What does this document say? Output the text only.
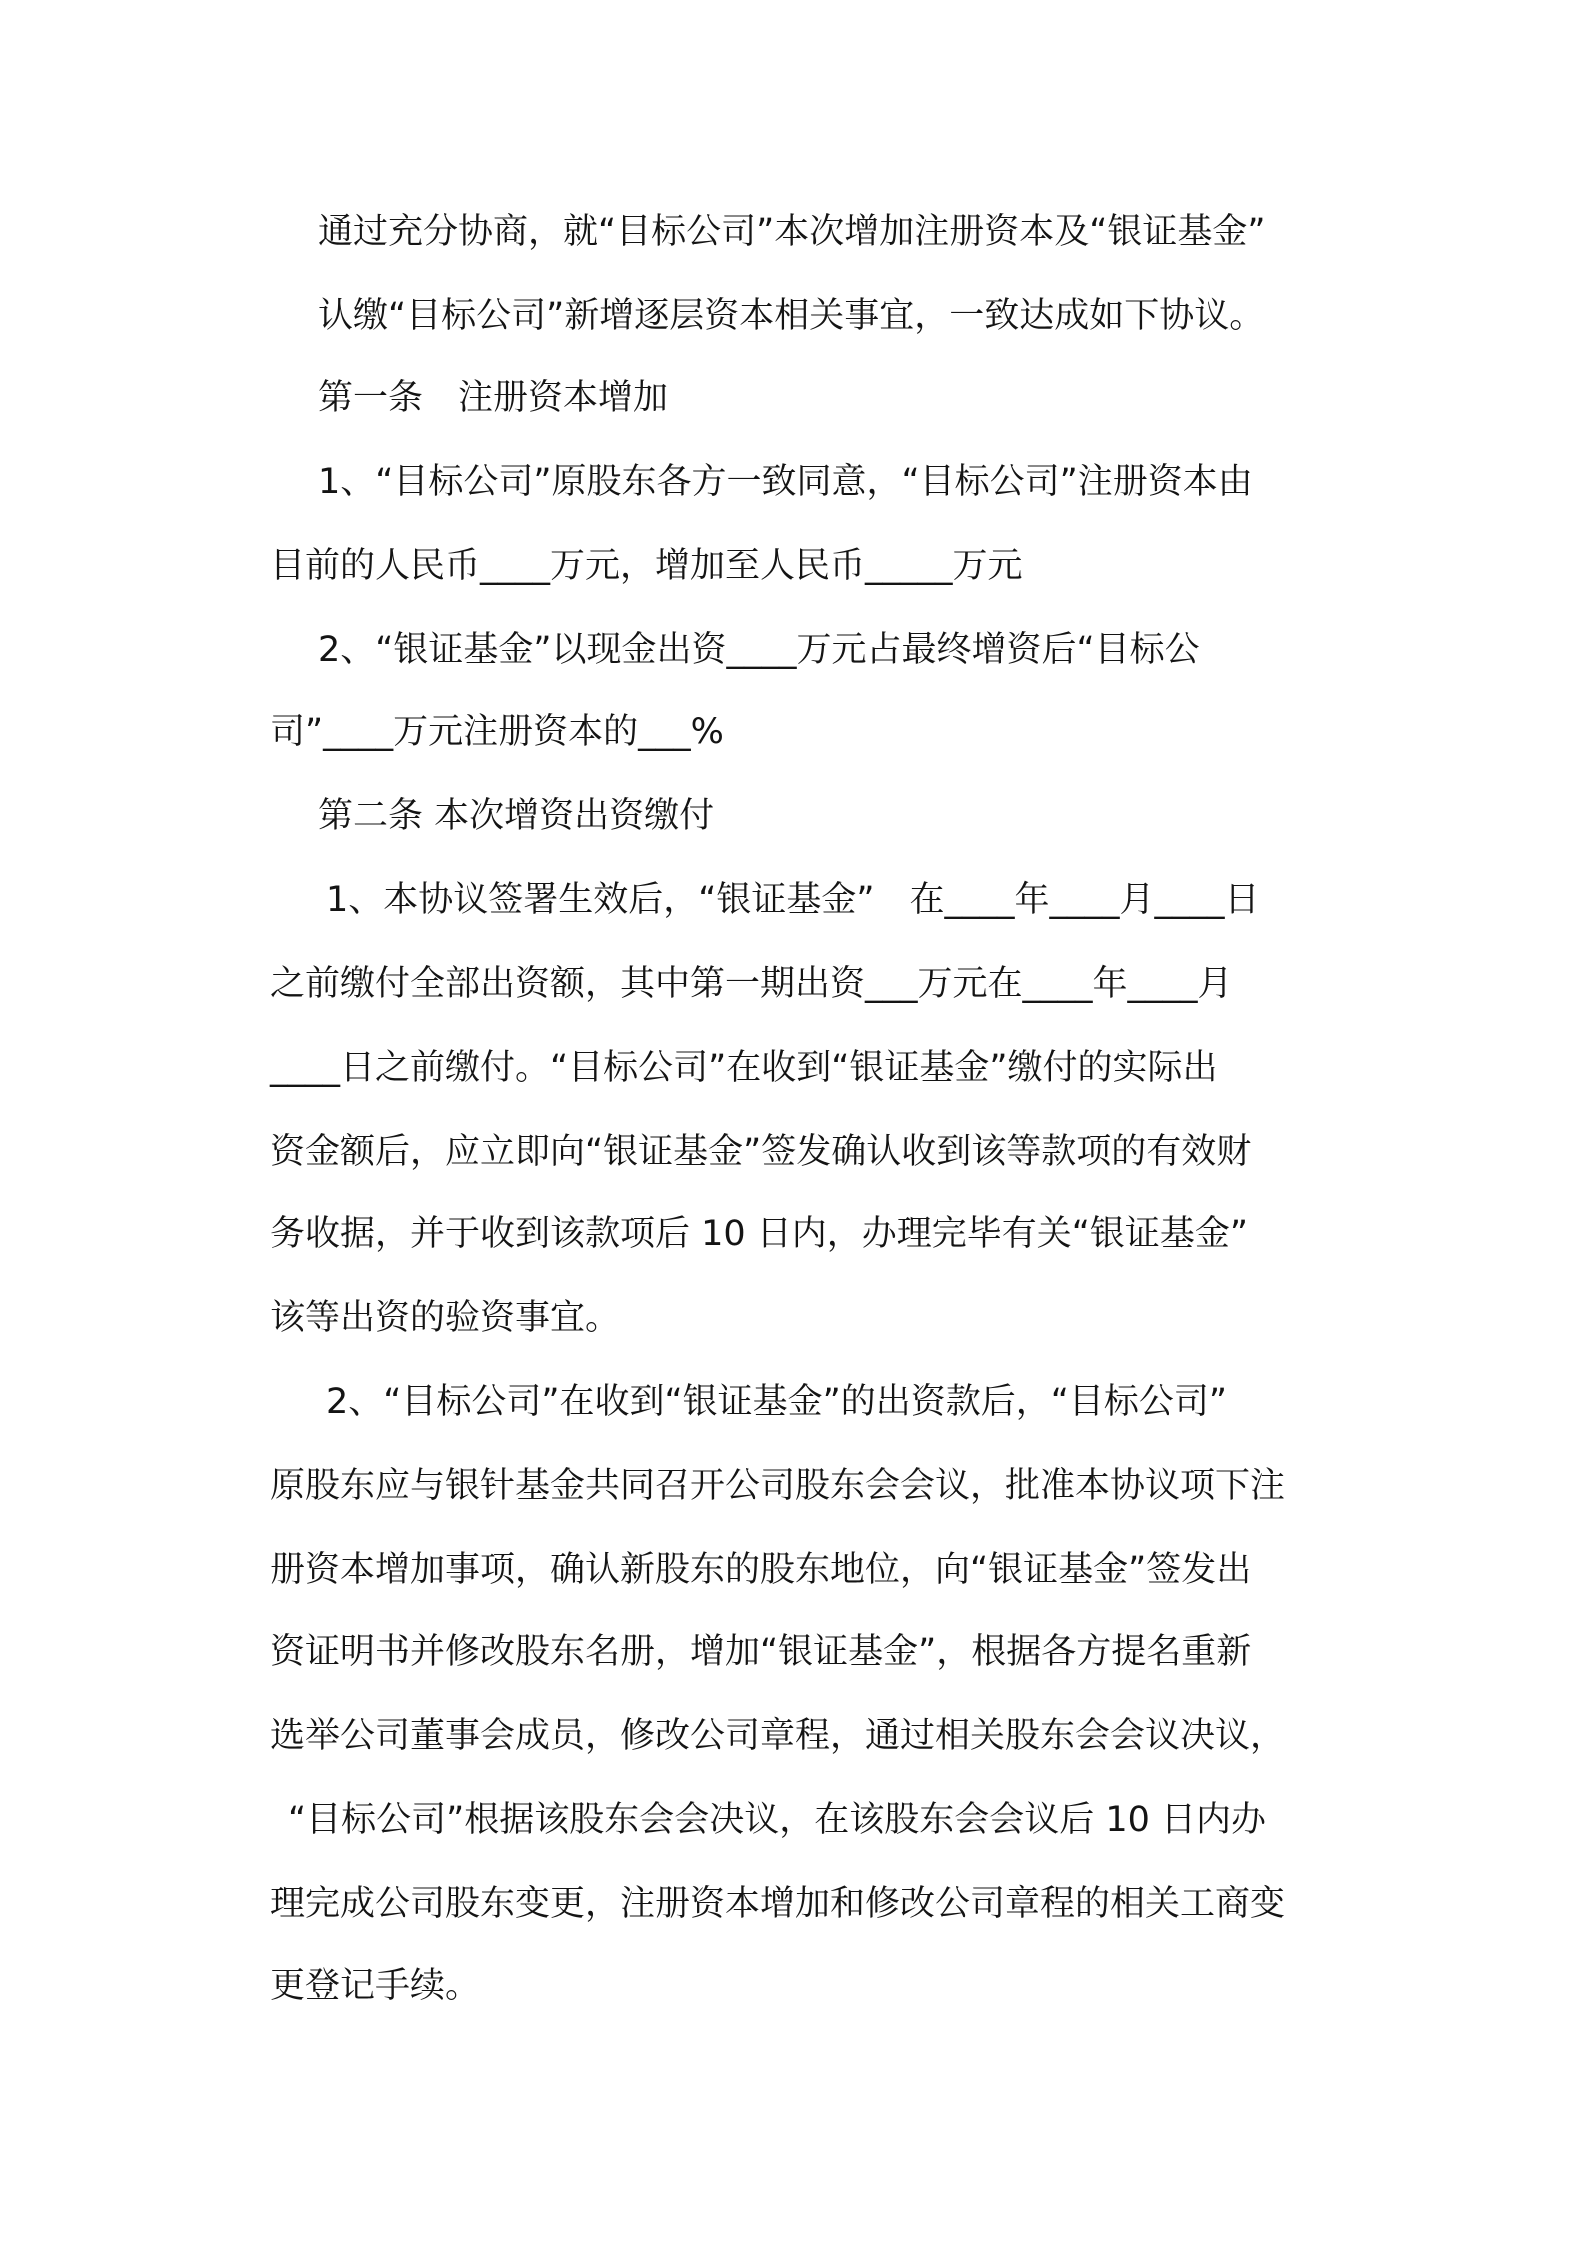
通过充分协商，就“目标公司”本次增加注册资本及“银证基金”

认缴“目标公司”新增逐层资本相关事宜，一致达成如下协议。

第一条　注册资本增加

1、“目标公司”原股东各方一致同意，“目标公司”注册资本由

目前的人民币____万元，增加至人民币_____万元

2、“银证基金”以现金出资____万元占最终增资后“目标公

司”____万元注册资本的___%

第二条 本次增资出资缴付

1、本协议签署生效后，“银证基金”　在____年____月____日

之前缴付全部出资额，其中第一期出资___万元在____年____月

____日之前缴付。“目标公司”在收到“银证基金”缴付的实际出

资金额后，应立即向“银证基金”签发确认收到该等款项的有效财

务收据，并于收到该款项后 10 日内，办理完毕有关“银证基金”

该等出资的验资事宜。

2、“目标公司”在收到“银证基金”的出资款后，“目标公司”

原股东应与银针基金共同召开公司股东会会议，批准本协议项下注

册资本增加事项，确认新股东的股东地位，向“银证基金”签发出

资证明书并修改股东名册，增加“银证基金”，根据各方提名重新

选举公司董事会成员，修改公司章程，通过相关股东会会议决议，

“目标公司”根据该股东会会决议，在该股东会会议后 10 日内办

理完成公司股东变更，注册资本增加和修改公司章程的相关工商变

更登记手续。
